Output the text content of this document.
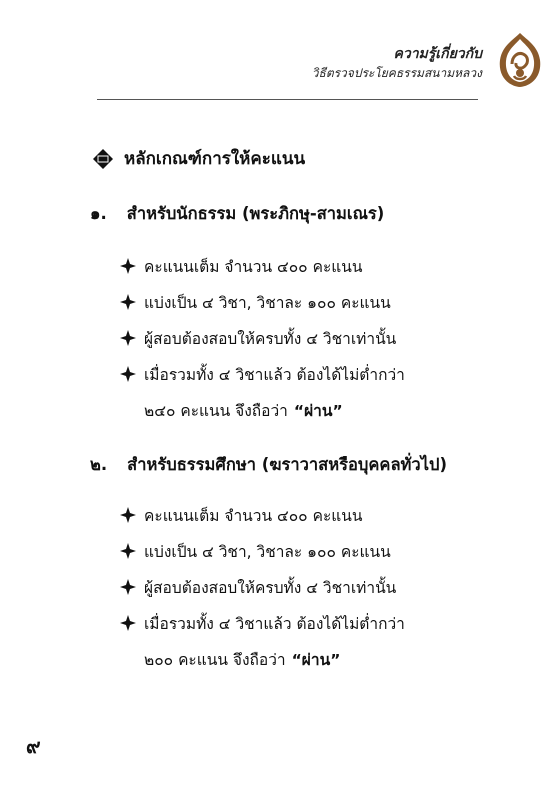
ความรู้เกี่ยวกับ
วิธีตรวจประโยคธรรมสนามหลวง
หลักเกณฑ์การให้คะแนน
๑. สำหรับนักธรรม (พระภิกษุ-สามเณร)
คะแนนเต็ม จำนวน ๔๐๐ คะแนน
แบ่งเป็น ๔ วิชา, วิชาละ ๑๐๐ คะแนน
ผู้สอบต้องสอบให้ครบทั้ง ๔ วิชาเท่านั้น
เมื่อรวมทั้ง ๔ วิชาแล้ว ต้องได้ไม่ต่ำกว่า
๒๔๐ คะแนน จึงถือว่า “ผ่าน”
๒. สำหรับธรรมศึกษา (ฆราวาสหรือบุคคลทั่วไป)
คะแนนเต็ม จำนวน ๔๐๐ คะแนน
แบ่งเป็น ๔ วิชา, วิชาละ ๑๐๐ คะแนน
ผู้สอบต้องสอบให้ครบทั้ง ๔ วิชาเท่านั้น
เมื่อรวมทั้ง ๔ วิชาแล้ว ต้องได้ไม่ต่ำกว่า
๒๐๐ คะแนน จึงถือว่า “ผ่าน”
๙
